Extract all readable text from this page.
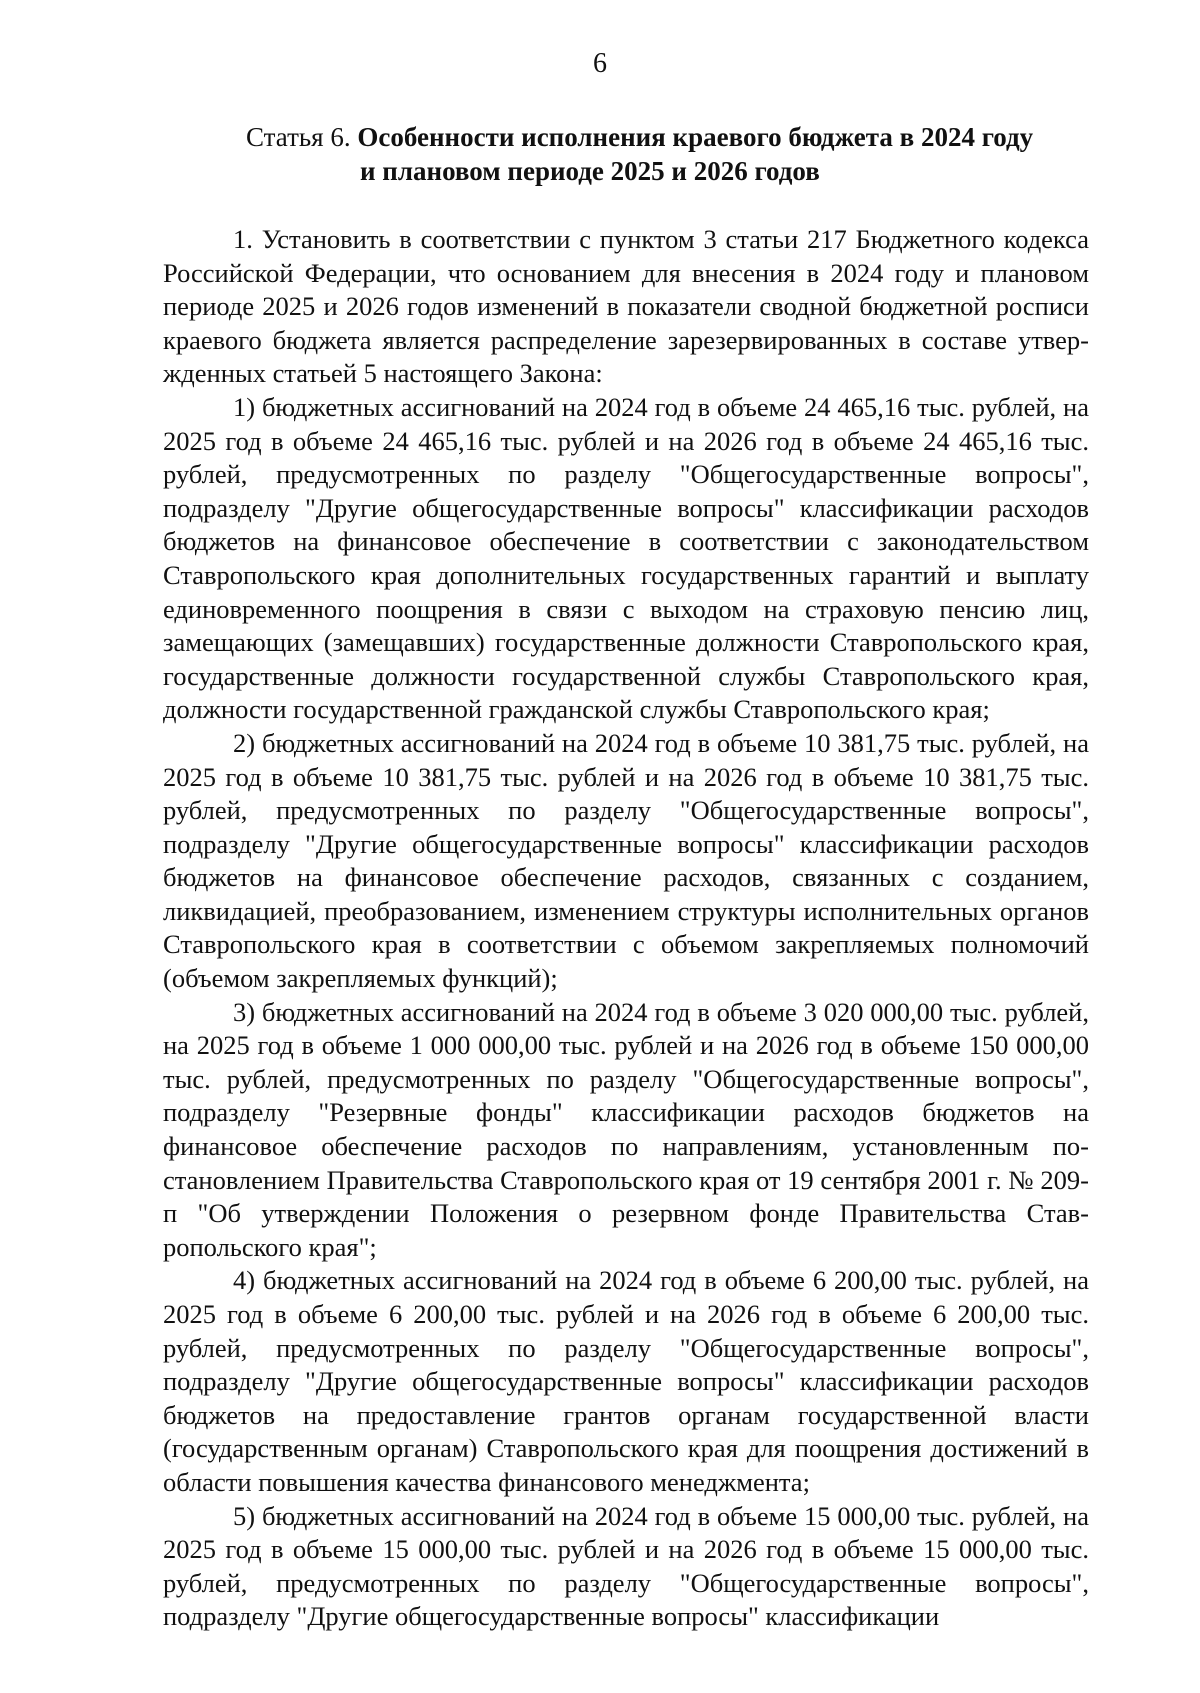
6
Статья 6. Особенности исполнения краевого бюджета в 2024 году
и плановом периоде 2025 и 2026 годов

1. Установить в соответствии с пунктом 3 статьи 217 Бюджетного кодекса Российской Федерации, что основанием для внесения в 2024 году и плановом периоде 2025 и 2026 годов изменений в показатели сводной бюджетной росписи краевого бюджета является распределение зарезервированных в составе утвержденных статьей 5 настоящего Закона:

1) бюджетных ассигнований на 2024 год в объеме 24 465,16 тыс. рублей, на 2025 год в объеме 24 465,16 тыс. рублей и на 2026 год в объеме 24 465,16 тыс. рублей, предусмотренных по разделу "Общегосударственные вопросы", подразделу "Другие общегосударственные вопросы" классификации расходов бюджетов на финансовое обеспечение в соответствии с законодательством Ставропольского края дополнительных государственных гарантий и выплату единовременного поощрения в связи с выходом на страховую пенсию лиц, замещающих (замещавших) государственные должности Ставропольского края, государственные должности государственной службы Ставропольского края, должности государственной гражданской службы Ставропольского края;

2) бюджетных ассигнований на 2024 год в объеме 10 381,75 тыс. рублей, на 2025 год в объеме 10 381,75 тыс. рублей и на 2026 год в объеме 10 381,75 тыс. рублей, предусмотренных по разделу "Общегосударственные вопросы", подразделу "Другие общегосударственные вопросы" классификации расходов бюджетов на финансовое обеспечение расходов, связанных с созданием, ликвидацией, преобразованием, изменением структуры исполнительных органов Ставропольского края в соответствии с объемом закрепляемых полномочий (объемом закрепляемых функций);

3) бюджетных ассигнований на 2024 год в объеме 3 020 000,00 тыс. рублей, на 2025 год в объеме 1 000 000,00 тыс. рублей и на 2026 год в объеме 150 000,00 тыс. рублей, предусмотренных по разделу "Общегосударственные вопросы", подразделу "Резервные фонды" классификации расходов бюджетов на финансовое обеспечение расходов по направлениям, установленным постановлением Правительства Ставропольского края от 19 сентября 2001 г. № 209-п "Об утверждении Положения о резервном фонде Правительства Ставропольского края";

4) бюджетных ассигнований на 2024 год в объеме 6 200,00 тыс. рублей, на 2025 год в объеме 6 200,00 тыс. рублей и на 2026 год в объеме 6 200,00 тыс. рублей, предусмотренных по разделу "Общегосударственные вопросы", подразделу "Другие общегосударственные вопросы" классификации расходов бюджетов на предоставление грантов органам государственной власти (государственным органам) Ставропольского края для поощрения достижений в области повышения качества финансового менеджмента;

5) бюджетных ассигнований на 2024 год в объеме 15 000,00 тыс. рублей, на 2025 год в объеме 15 000,00 тыс. рублей и на 2026 год в объеме 15 000,00 тыс. рублей, предусмотренных по разделу "Общегосударственные вопросы", подразделу "Другие общегосударственные вопросы" классификации
